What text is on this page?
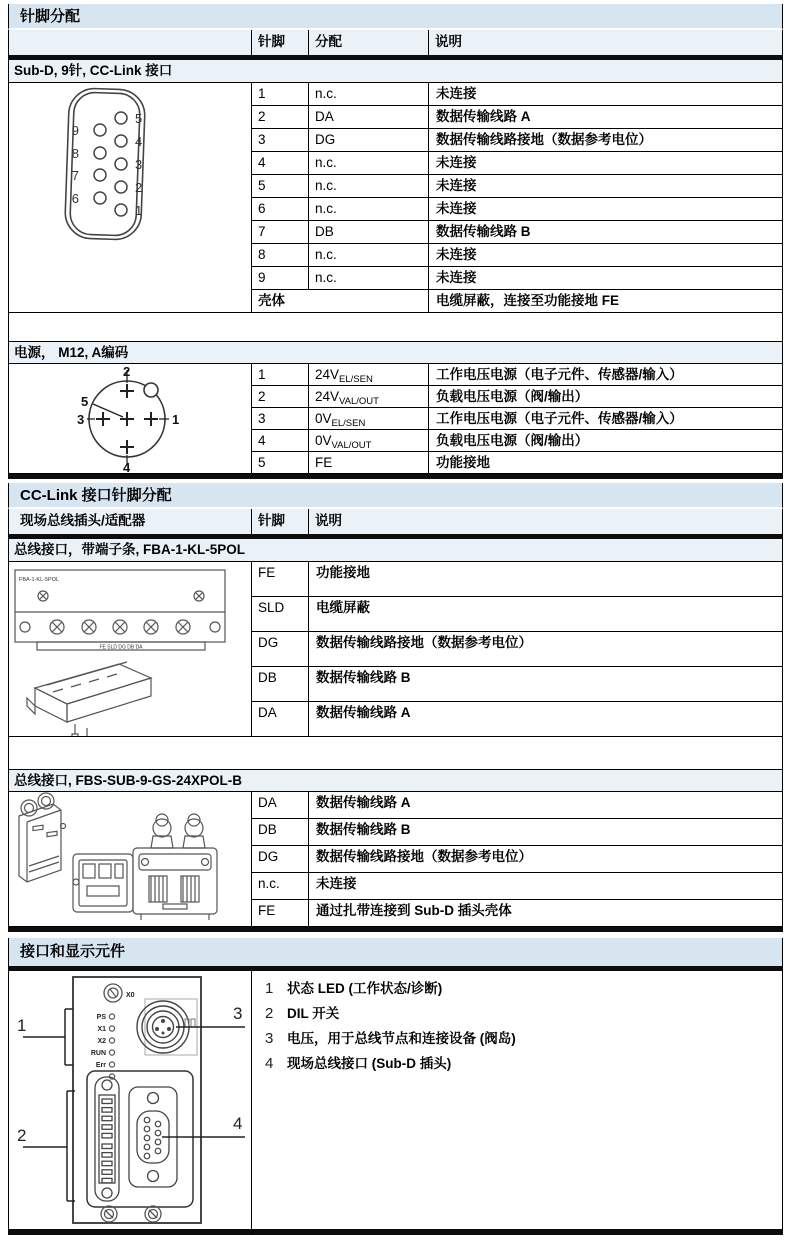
针脚分配
针脚	分配	说明
Sub-D, 9针, CC-Link 接口
5
4
3
2
1
9
8
7
6
1	n.c.	未连接
2	DA	数据传输线路 A
3	DG	数据传输线路接地（数据参考电位）
4	n.c.	未连接
5	n.c.	未连接
6	n.c.	未连接
7	DB	数据传输线路 B
8	n.c.	未连接
9	n.c.	未连接
壳体	电缆屏蔽，连接至功能接地 FE
电源， M12, A编码
2
5
3	1
4
1	$24V_{EL/SEN}$	工作电压电源（电子元件、传感器/输入）
2	$24V_{VAL/OUT}$	负载电压电源（阀/输出）
3	$0V_{EL/SEN}$	工作电压电源（电子元件、传感器/输入）
4	$0V_{VAL/OUT}$	负载电压电源（阀/输出）
5	FE	功能接地
CC-Link 接口针脚分配
现场总线插头/适配器	针脚	说明
总线接口，带端子条, FBA-1-KL-5POL
FBA-1-KL-5POL
FE SLD DG DB DA
FE	功能接地
SLD	电缆屏蔽
DG	数据传输线路接地（数据参考电位）
DB	数据传输线路 B
DA	数据传输线路 A
总线接口, FBS-SUB-9-GS-24XPOL-B
DA	数据传输线路 A
DB	数据传输线路 B
DG	数据传输线路接地（数据参考电位）
n.c.	未连接
FE	通过扎带连接到 Sub-D 插头壳体
接口和显示元件
X0
PS
X1
X2
RUN
Err
3
1
4
2
1	状态 LED (工作状态/诊断)
2	DIL 开关
3	电压，用于总线节点和连接设备 (阀岛)
4	现场总线接口 (Sub-D 插头)
